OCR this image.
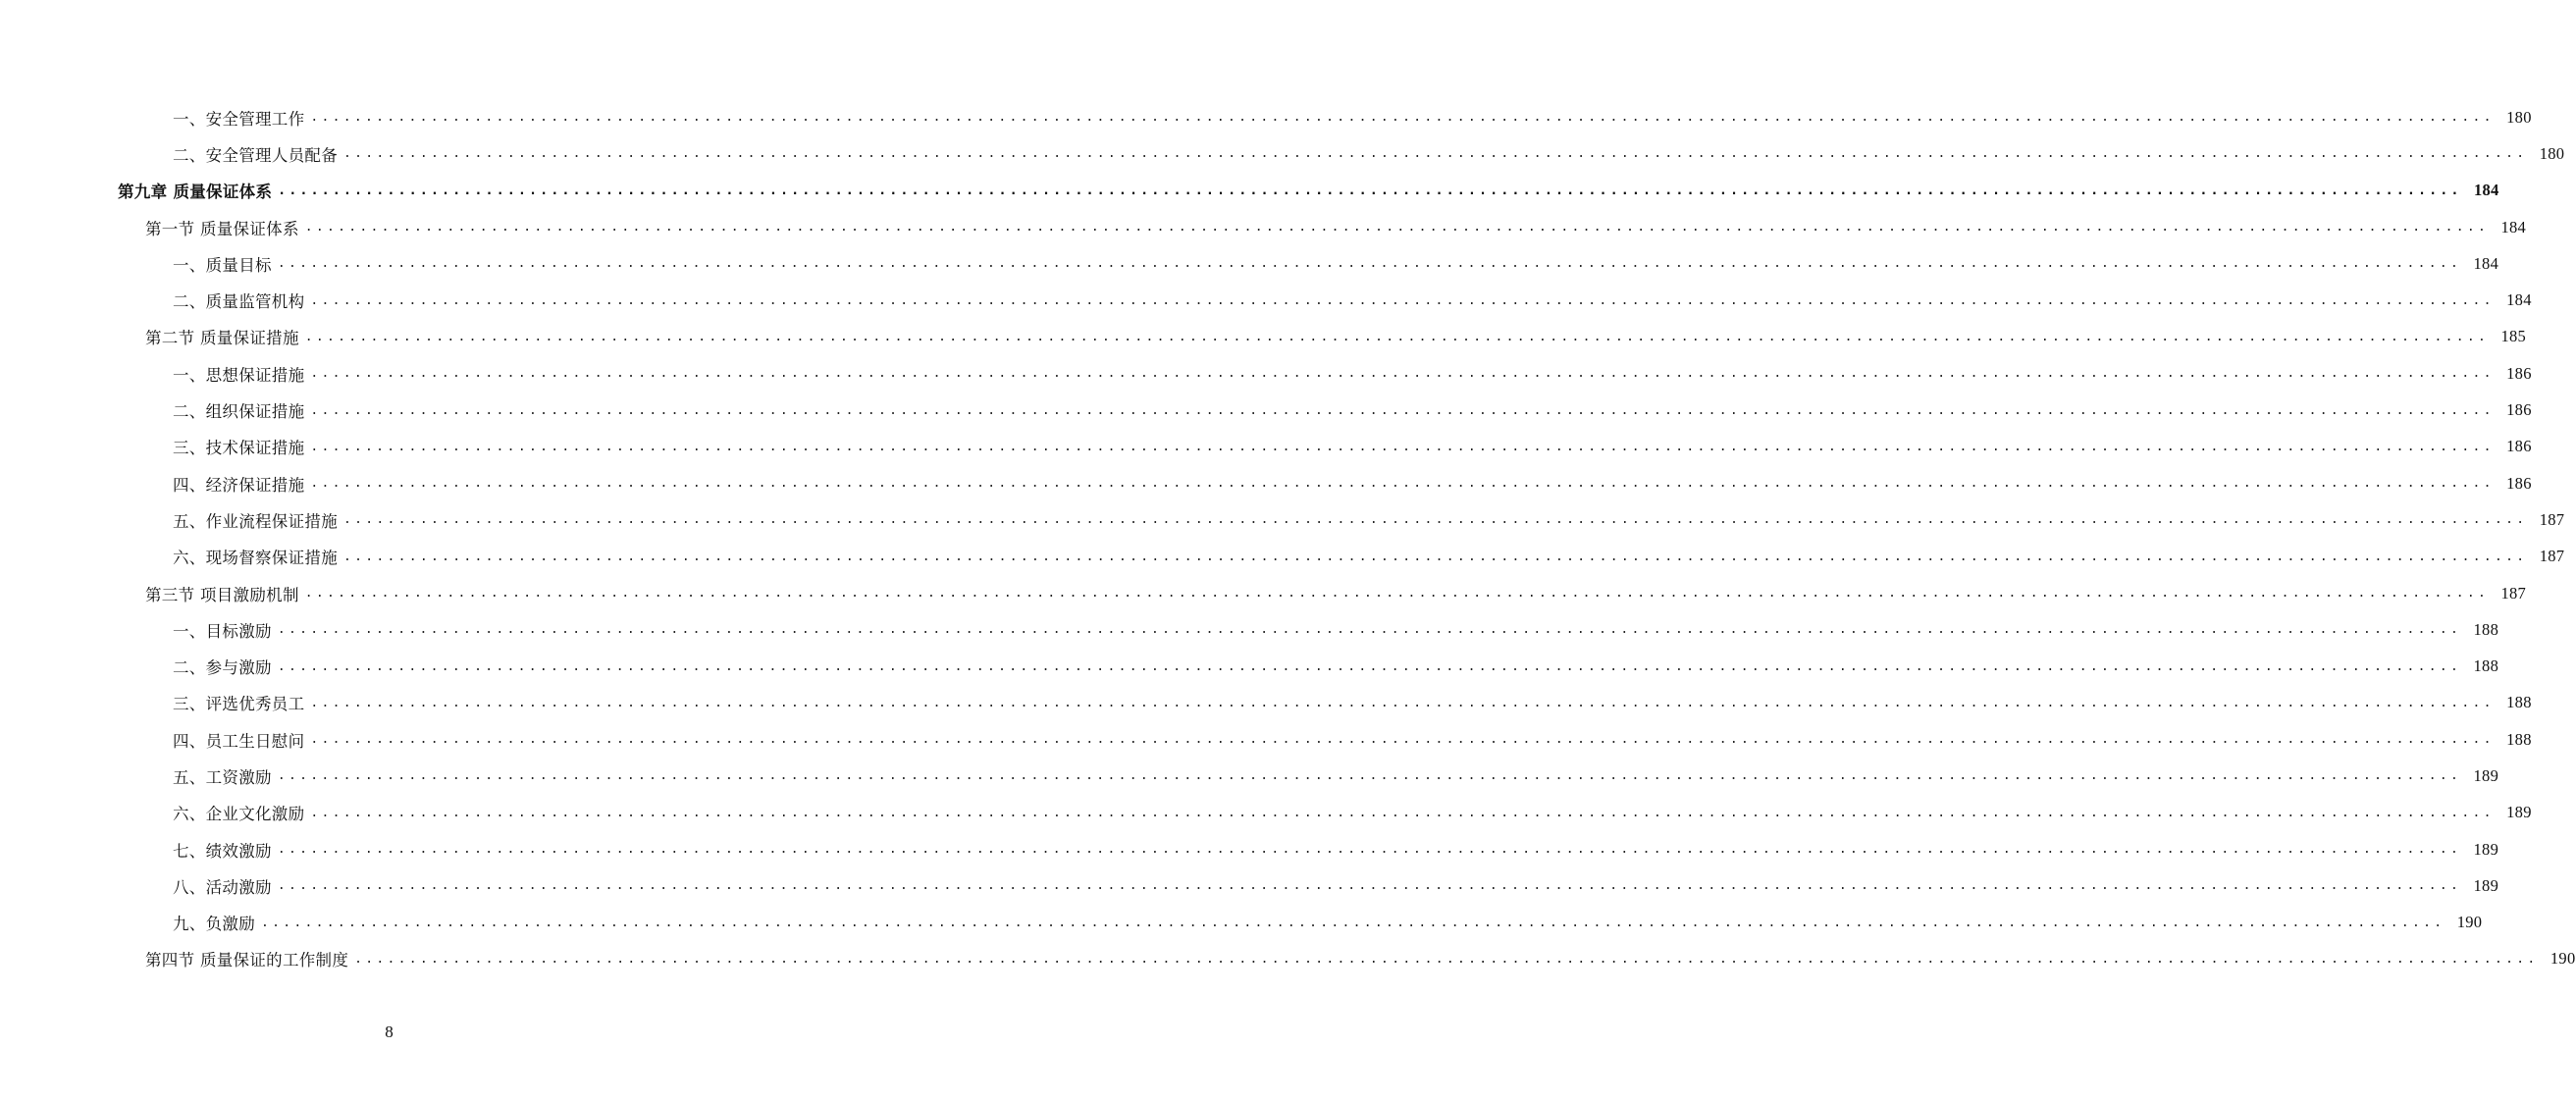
一、安全管理工作 ........................................................................................................................................................................................................ 180
二、安全管理人员配备 ........................................................................................................................................................................................................ 180
第九章 质量保证体系 ........................................................................................................................................................................................................ 184
第一节 质量保证体系 ........................................................................................................................................................................................................ 184
一、质量目标 ........................................................................................................................................................................................................ 184
二、质量监管机构 ........................................................................................................................................................................................................ 184
第二节 质量保证措施 ........................................................................................................................................................................................................ 185
一、思想保证措施 ........................................................................................................................................................................................................ 186
二、组织保证措施 ........................................................................................................................................................................................................ 186
三、技术保证措施 ........................................................................................................................................................................................................ 186
四、经济保证措施 ........................................................................................................................................................................................................ 186
五、作业流程保证措施 ........................................................................................................................................................................................................ 187
六、现场督察保证措施 ........................................................................................................................................................................................................ 187
第三节 项目激励机制 ........................................................................................................................................................................................................ 187
一、目标激励 ........................................................................................................................................................................................................ 188
二、参与激励 ........................................................................................................................................................................................................ 188
三、评选优秀员工 ........................................................................................................................................................................................................ 188
四、员工生日慰问 ........................................................................................................................................................................................................ 188
五、工资激励 ........................................................................................................................................................................................................ 189
六、企业文化激励 ........................................................................................................................................................................................................ 189
七、绩效激励 ........................................................................................................................................................................................................ 189
八、活动激励 ........................................................................................................................................................................................................ 189
九、负激励 ........................................................................................................................................................................................................ 190
第四节 质量保证的工作制度 ........................................................................................................................................................................................................ 190
8
